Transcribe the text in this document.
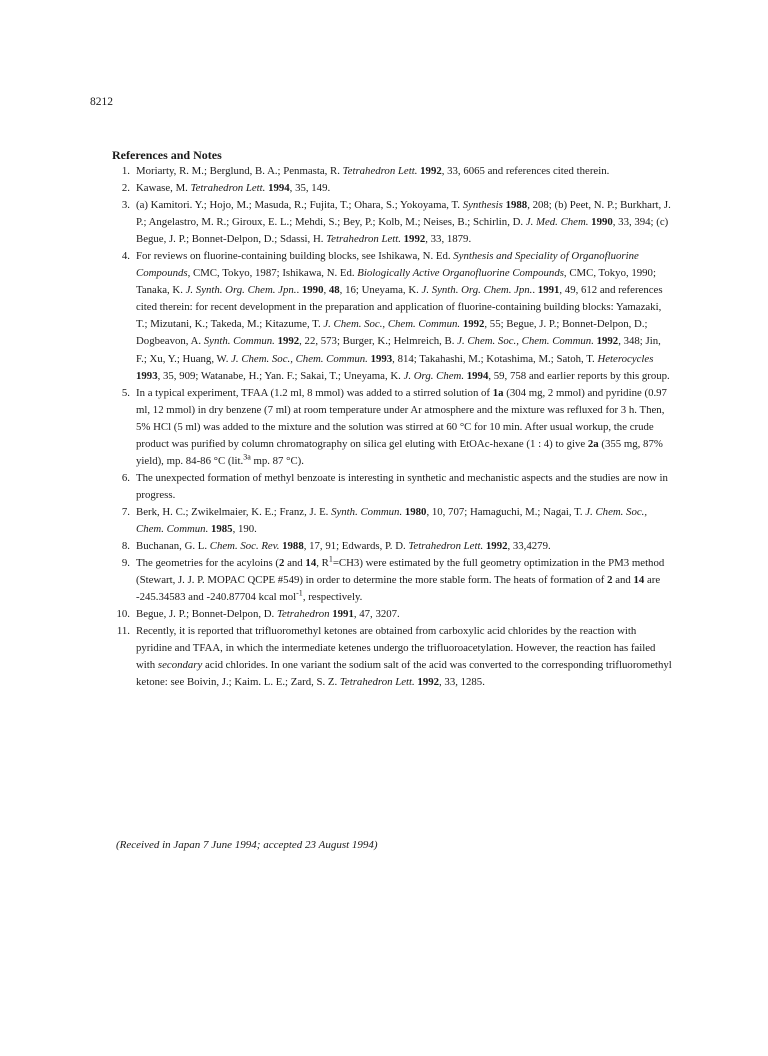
8212
References and Notes
1. Moriarty, R. M.; Berglund, B. A.; Penmasta, R. Tetrahedron Lett. 1992, 33, 6065 and references cited therein.
2. Kawase, M. Tetrahedron Lett. 1994, 35, 149.
3. (a) Kamitori. Y.; Hojo, M.; Masuda, R.; Fujita, T.; Ohara, S.; Yokoyama, T. Synthesis 1988, 208; (b) Peet, N. P.; Burkhart, J. P.; Angelastro, M. R.; Giroux, E. L.; Mehdi, S.; Bey, P.; Kolb, M.; Neises, B.; Schirlin, D. J. Med. Chem. 1990, 33, 394; (c) Begue, J. P.; Bonnet-Delpon, D.; Sdassi, H. Tetrahedron Lett. 1992, 33, 1879.
4. For reviews on fluorine-containing building blocks, see Ishikawa, N. Ed. Synthesis and Speciality of Organofluorine Compounds, CMC, Tokyo, 1987; Ishikawa, N. Ed. Biologically Active Organofluorine Compounds, CMC, Tokyo, 1990; Tanaka, K. J. Synth. Org. Chem. Jpn.. 1990, 48, 16; Uneyama, K. J. Synth. Org. Chem. Jpn.. 1991, 49, 612 and references cited therein: for recent development in the preparation and application of fluorine-containing building blocks: Yamazaki, T.; Mizutani, K.; Takeda, M.; Kitazume, T. J. Chem. Soc., Chem. Commun. 1992, 55; Begue, J. P.; Bonnet-Delpon, D.; Dogbeavon, A. Synth. Commun. 1992, 22, 573; Burger, K.; Helmreich, B. J. Chem. Soc., Chem. Commun. 1992, 348; Jin, F.; Xu, Y.; Huang, W. J. Chem. Soc., Chem. Commun. 1993, 814; Takahashi, M.; Kotashima, M.; Satoh, T. Heterocycles 1993, 35, 909; Watanabe, H.; Yan. F.; Sakai, T.; Uneyama, K. J. Org. Chem. 1994, 59, 758 and earlier reports by this group.
5. In a typical experiment, TFAA (1.2 ml, 8 mmol) was added to a stirred solution of 1a (304 mg, 2 mmol) and pyridine (0.97 ml, 12 mmol) in dry benzene (7 ml) at room temperature under Ar atmosphere and the mixture was refluxed for 3 h. Then, 5% HCl (5 ml) was added to the mixture and the solution was stirred at 60 °C for 10 min. After usual workup, the crude product was purified by column chromatography on silica gel eluting with EtOAc-hexane (1 : 4) to give 2a (355 mg, 87% yield), mp. 84-86 °C (lit.$^{3a}$ mp. 87 °C).
6. The unexpected formation of methyl benzoate is interesting in synthetic and mechanistic aspects and the studies are now in progress.
7. Berk, H. C.; Zwikelmaier, K. E.; Franz, J. E. Synth. Commun. 1980, 10, 707; Hamaguchi, M.; Nagai, T. J. Chem. Soc., Chem. Commun. 1985, 190.
8. Buchanan, G. L. Chem. Soc. Rev. 1988, 17, 91; Edwards, P. D. Tetrahedron Lett. 1992, 33,4279.
9. The geometries for the acyloins (2 and 14, $R^1=CH3$) were estimated by the full geometry optimization in the PM3 method (Stewart, J. J. P. MOPAC QCPE #549) in order to determine the more stable form. The heats of formation of 2 and 14 are -245.34583 and -240.87704 kcal mol$^{-1}$, respectively.
10. Begue, J. P.; Bonnet-Delpon, D. Tetrahedron 1991, 47, 3207.
11. Recently, it is reported that trifluoromethyl ketones are obtained from carboxylic acid chlorides by the reaction with pyridine and TFAA, in which the intermediate ketenes undergo the trifluoroacetylation. However, the reaction has failed with secondary acid chlorides. In one variant the sodium salt of the acid was converted to the corresponding trifluoromethyl ketone: see Boivin, J.; Kaim. L. E.; Zard, S. Z. Tetrahedron Lett. 1992, 33, 1285.
(Received in Japan 7 June 1994; accepted 23 August 1994)
